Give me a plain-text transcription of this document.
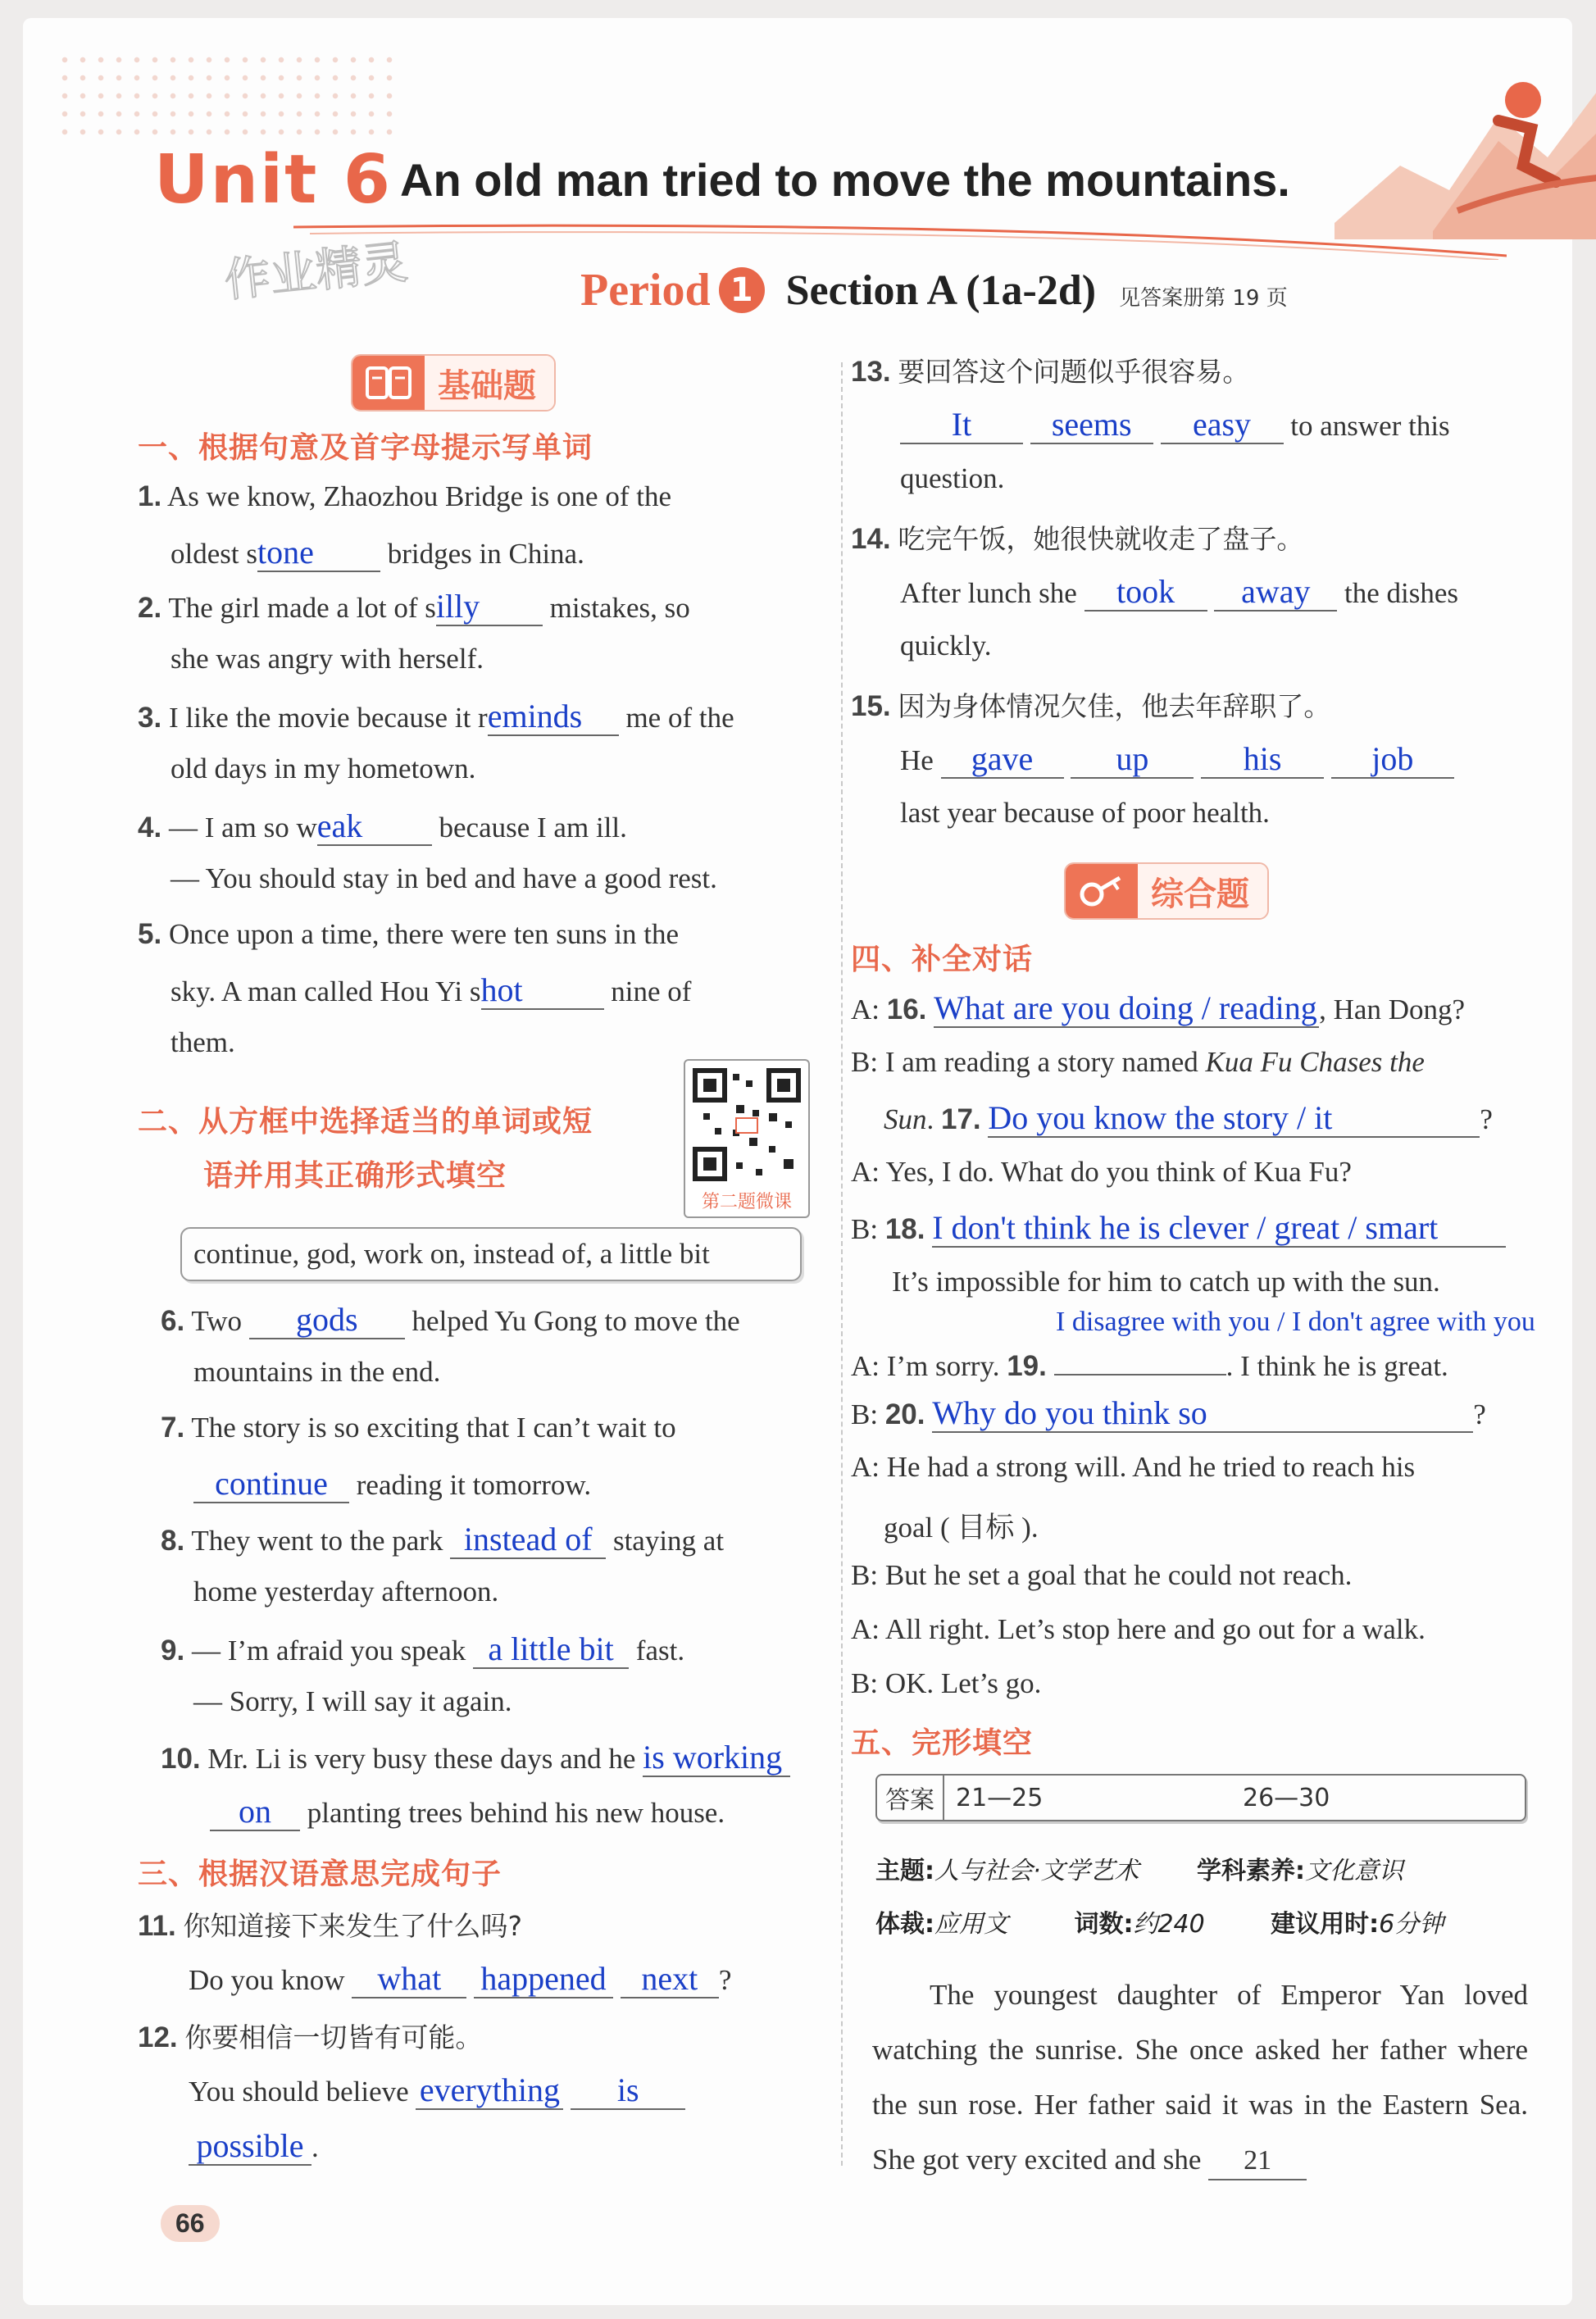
Unit 6 An old man tried to move the mountains.
作业精灵	Period 1 Section A (1a-2d) 见答案册第 19 页
基础题
一、根据句意及首字母提示写单词
1. As we know, Zhaozhou Bridge is one of the
oldest stone	bridges in China.
2. The girl made a lot of silly mistakes, so
she was angry with herself.
3. I like the movie because it reminds me of the
old days in my hometown.
4. — I am so weak	because I am ill.
— You should stay in bed and have a good rest.
5. Once upon a time, there were ten suns in the
sky. A man called Hou Yi shot	nine of
them.
二、从方框中选择适当的单词或短
语并用其正确形式填空
第二题微课
continue, god, work on, instead of, a little bit
6. Two gods helped Yu Gong to move the
mountains in the end.
7. The story is so exciting that I can’t wait to
continue reading it tomorrow.
8. They went to the park instead of staying at
home yesterday afternoon.
9. — I’m afraid you speak a little bit fast.
— Sorry, I will say it again.
10. Mr. Li is very busy these days and he is working
on planting trees behind his new house.
三、根据汉语意思完成句子
11. 你知道接下来发生了什么吗?
Do you know what happened next ?
12. 你要相信一切皆有可能。
You should believe everything is
possible .
66
13. 要回答这个问题似乎很容易。
It seems easy to answer this
question.
14. 吃完午饭，她很快就收走了盘子。
After lunch she took away the dishes
quickly.
15. 因为身体情况欠佳，他去年辞职了。
He gave	up	his	job
last year because of poor health.
综合题
四、补全对话
A: 16. What are you doing / reading, Han Dong?
B: I am reading a story named Kua Fu Chases the
Sun. 17. Do you know the story / it	?
A: Yes, I do. What do you think of Kua Fu?
B: 18. I don't think he is clever / great / smart
It’s impossible for him to catch up with the sun.
I disagree with you / I don't agree with you
A: I’m sorry. 19.	. I think he is great.
B: 20. Why do you think so	?
A: He had a strong will. And he tried to reach his
goal ( 目标 ).
B: But he set a goal that he could not reach.
A: All right. Let’s stop here and go out for a walk.
B: OK. Let’s go.
五、完形填空
答案 21—25	26—30
主题:人与社会·文学艺术 学科素养:文化意识
体裁:应用文	词数:约240	建议用时:6分钟
The youngest daughter of Emperor Yan loved watching the sunrise. She once asked her father where the sun rose. Her father said it was in the Eastern Sea. She got very excited and she 21
